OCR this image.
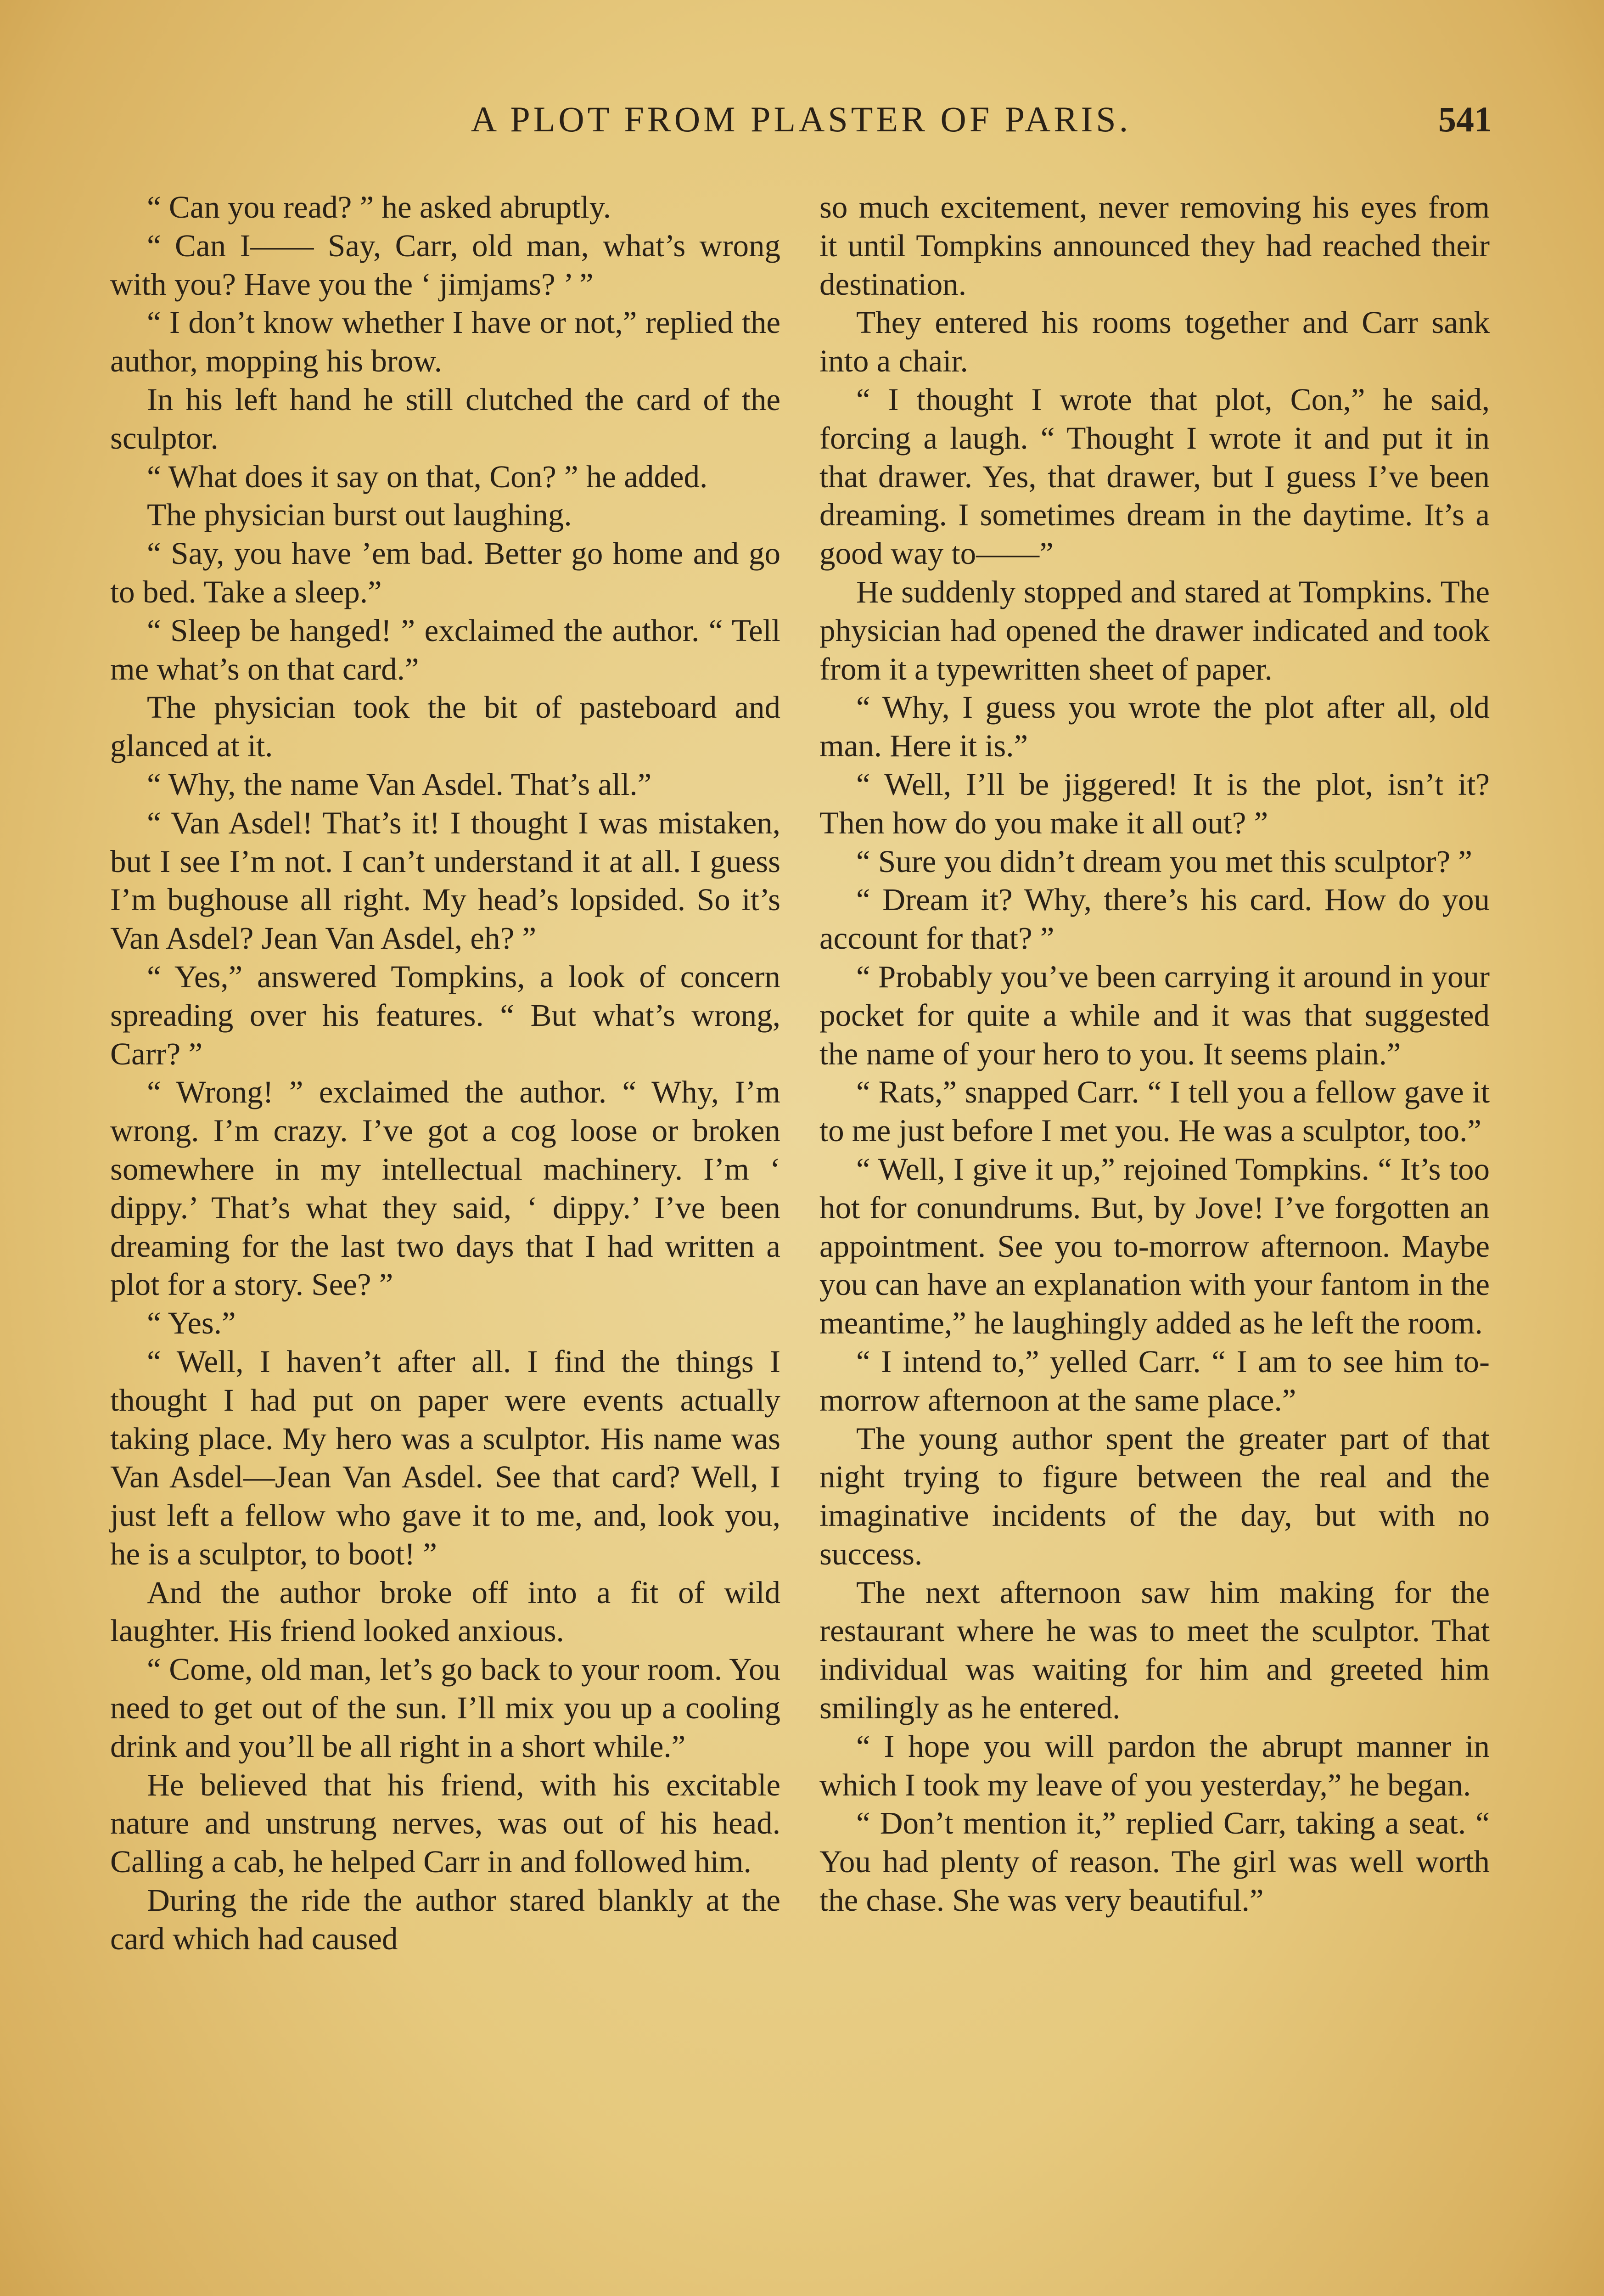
A PLOT FROM PLASTER OF PARIS.	541

“ Can you read? ” he asked abruptly.

“ Can I—— Say, Carr, old man, what’s wrong with you? Have you the ‘ jimjams? ’ ”

“ I don’t know whether I have or not,” replied the author, mopping his brow.

In his left hand he still clutched the card of the sculptor.

“ What does it say on that, Con? ” he added.

The physician burst out laughing.

“ Say, you have ’em bad. Better go home and go to bed. Take a sleep.”

“ Sleep be hanged! ” exclaimed the author. “ Tell me what’s on that card.”

The physician took the bit of pasteboard and glanced at it.

“ Why, the name Van Asdel. That’s all.”

“ Van Asdel! That’s it! I thought I was mistaken, but I see I’m not. I can’t understand it at all. I guess I’m bughouse all right. My head’s lopsided. So it’s Van Asdel? Jean Van Asdel, eh? ”

“ Yes,” answered Tompkins, a look of concern spreading over his features. “ But what’s wrong, Carr? ”

“ Wrong! ” exclaimed the author. “ Why, I’m wrong. I’m crazy. I’ve got a cog loose or broken somewhere in my intellectual machinery. I’m ‘ dippy.’ That’s what they said, ‘ dippy.’ I’ve been dreaming for the last two days that I had written a plot for a story. See? ”

“ Yes.”

“ Well, I haven’t after all. I find the things I thought I had put on paper were events actually taking place. My hero was a sculptor. His name was Van Asdel—Jean Van Asdel. See that card? Well, I just left a fellow who gave it to me, and, look you, he is a sculptor, to boot! ”

And the author broke off into a fit of wild laughter. His friend looked anxious.

“ Come, old man, let’s go back to your room. You need to get out of the sun. I’ll mix you up a cooling drink and you’ll be all right in a short while.”

He believed that his friend, with his excitable nature and unstrung nerves, was out of his head. Calling a cab, he helped Carr in and followed him.

During the ride the author stared blankly at the card which had caused

so much excitement, never removing his eyes from it until Tompkins announced they had reached their destination.

They entered his rooms together and Carr sank into a chair.

“ I thought I wrote that plot, Con,” he said, forcing a laugh. “ Thought I wrote it and put it in that drawer. Yes, that drawer, but I guess I’ve been dreaming. I sometimes dream in the daytime. It’s a good way to——”

He suddenly stopped and stared at Tompkins. The physician had opened the drawer indicated and took from it a typewritten sheet of paper.

“ Why, I guess you wrote the plot after all, old man. Here it is.”

“ Well, I’ll be jiggered! It is the plot, isn’t it? Then how do you make it all out? ”

“ Sure you didn’t dream you met this sculptor? ”

“ Dream it? Why, there’s his card. How do you account for that? ”

“ Probably you’ve been carrying it around in your pocket for quite a while and it was that suggested the name of your hero to you. It seems plain.”

“ Rats,” snapped Carr. “ I tell you a fellow gave it to me just before I met you. He was a sculptor, too.”

“ Well, I give it up,” rejoined Tompkins. “ It’s too hot for conundrums. But, by Jove! I’ve forgotten an appointment. See you to-morrow afternoon. Maybe you can have an explanation with your fantom in the meantime,” he laughingly added as he left the room.

“ I intend to,” yelled Carr. “ I am to see him to-morrow afternoon at the same place.”

The young author spent the greater part of that night trying to figure between the real and the imaginative incidents of the day, but with no success.

The next afternoon saw him making for the restaurant where he was to meet the sculptor. That individual was waiting for him and greeted him smilingly as he entered.

“ I hope you will pardon the abrupt manner in which I took my leave of you yesterday,” he began.

“ Don’t mention it,” replied Carr, taking a seat. “ You had plenty of reason. The girl was well worth the chase. She was very beautiful.”
